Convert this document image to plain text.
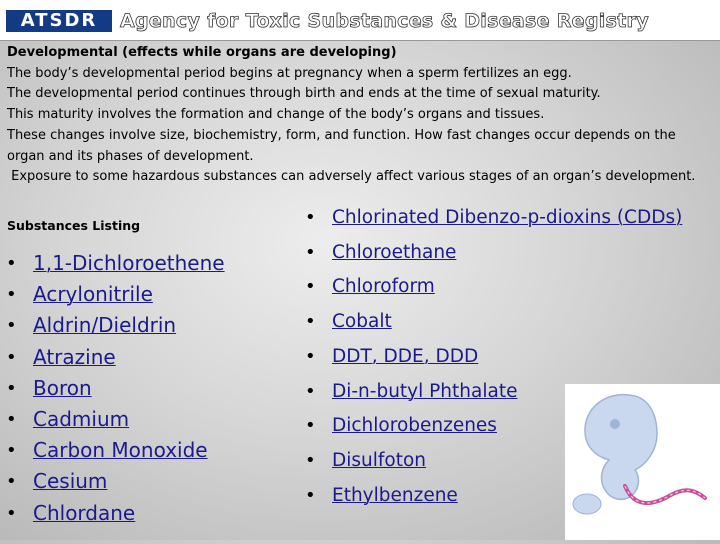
ATSDR	Agency for Toxic Substances & Disease Registry

Developmental (effects while organs are developing)

The body’s developmental period begins at pregnancy when a sperm fertilizes an egg.

The developmental period continues through birth and ends at the time of sexual maturity.

This maturity involves the formation and change of the body’s organs and tissues.

These changes involve size, biochemistry, form, and function. How fast changes occur depends on the organ and its phases of development.

Exposure to some hazardous substances can adversely affect various stages of an organ’s development.

Substances Listing
• 1,1-Dichloroethene
• Acrylonitrile
• Aldrin/Dieldrin
• Atrazine
• Boron
• Cadmium
• Carbon Monoxide
• Cesium
• Chlordane
• Chlorinated Dibenzo-p-dioxins (CDDs)
• Chloroethane
• Chloroform
• Cobalt
• DDT, DDE, DDD
• Di-n-butyl Phthalate
• Dichlorobenzenes
• Disulfoton
• Ethylbenzene
